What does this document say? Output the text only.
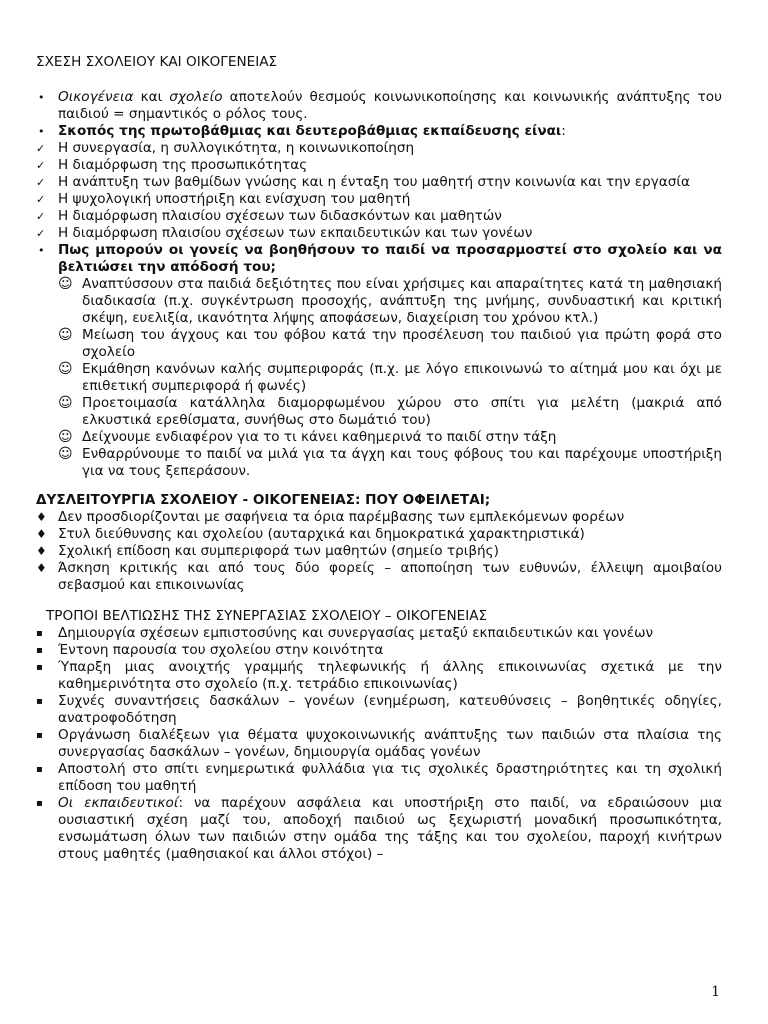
ΣΧΕΣΗ ΣΧΟΛΕΙΟΥ ΚΑΙ ΟΙΚΟΓΕΝΕΙΑΣ

• Οικογένεια και σχολείο αποτελούν θεσμούς κοινωνικοποίησης και κοινωνικής ανάπτυξης του παιδιού = σημαντικός ο ρόλος τους.
• Σκοπός της πρωτοβάθμιας και δευτεροβάθμιας εκπαίδευσης είναι:
✓ Η συνεργασία, η συλλογικότητα, η κοινωνικοποίηση
✓ Η διαμόρφωση της προσωπικότητας
✓ Η ανάπτυξη των βαθμίδων γνώσης και η ένταξη του μαθητή στην κοινωνία και την εργασία
✓ Η ψυχολογική υποστήριξη και ενίσχυση του μαθητή
✓ Η διαμόρφωση πλαισίου σχέσεων των διδασκόντων και μαθητών
✓ Η διαμόρφωση πλαισίου σχέσεων των εκπαιδευτικών και των γονέων
• Πως μπορούν οι γονείς να βοηθήσουν το παιδί να προσαρμοστεί στο σχολείο και να βελτιώσει την απόδοσή του;
☺ Αναπτύσσουν στα παιδιά δεξιότητες που είναι χρήσιμες και απαραίτητες κατά τη μαθησιακή διαδικασία (π.χ. συγκέντρωση προσοχής, ανάπτυξη της μνήμης, συνδυαστική και κριτική σκέψη, ευελιξία, ικανότητα λήψης αποφάσεων, διαχείριση του χρόνου κτλ.)
☺ Μείωση του άγχους και του φόβου κατά την προσέλευση του παιδιού για πρώτη φορά στο σχολείο
☺ Εκμάθηση κανόνων καλής συμπεριφοράς (π.χ. με λόγο επικοινωνώ το αίτημά μου και όχι με επιθετική συμπεριφορά ή φωνές)
☺ Προετοιμασία κατάλληλα διαμορφωμένου χώρου στο σπίτι για μελέτη (μακριά από ελκυστικά ερεθίσματα, συνήθως στο δωμάτιό του)
☺ Δείχνουμε ενδιαφέρον για το τι κάνει καθημερινά το παιδί στην τάξη
☺ Ενθαρρύνουμε το παιδί να μιλά για τα άγχη και τους φόβους του και παρέχουμε υποστήριξη για να τους ξεπεράσουν.

ΔΥΣΛΕΙΤΟΥΡΓΙΑ ΣΧΟΛΕΙΟΥ - ΟΙΚΟΓΕΝΕΙΑΣ: ΠΟΥ ΟΦΕΙΛΕΤΑΙ;

♦ Δεν προσδιορίζονται με σαφήνεια τα όρια παρέμβασης των εμπλεκόμενων φορέων
♦ Στυλ διεύθυνσης και σχολείου (αυταρχικά και δημοκρατικά χαρακτηριστικά)
♦ Σχολική επίδοση και συμπεριφορά των μαθητών (σημείο τριβής)
♦ Άσκηση κριτικής και από τους δύο φορείς – αποποίηση των ευθυνών, έλλειψη αμοιβαίου σεβασμού και επικοινωνίας

ΤΡΟΠΟΙ ΒΕΛΤΙΩΣΗΣ ΤΗΣ ΣΥΝΕΡΓΑΣΙΑΣ ΣΧΟΛΕΙΟΥ – ΟΙΚΟΓΕΝΕΙΑΣ

▪	Δημιουργία σχέσεων εμπιστοσύνης και συνεργασίας μεταξύ εκπαιδευτικών και γονέων
▪	Έντονη παρουσία του σχολείου στην κοινότητα
▪	Ύπαρξη μιας ανοιχτής γραμμής τηλεφωνικής ή άλλης επικοινωνίας σχετικά με την καθημερινότητα στο σχολείο (π.χ. τετράδιο επικοινωνίας)
▪	Συχνές συναντήσεις δασκάλων – γονέων (ενημέρωση, κατευθύνσεις – βοηθητικές οδηγίες, ανατροφοδότηση
▪	Οργάνωση διαλέξεων για θέματα ψυχοκοινωνικής ανάπτυξης των παιδιών στα πλαίσια της συνεργασίας δασκάλων – γονέων, δημιουργία ομάδας γονέων
▪	Αποστολή στο σπίτι ενημερωτικά φυλλάδια για τις σχολικές δραστηριότητες και τη σχολική επίδοση του μαθητή
▪	Οι εκπαιδευτικοί: να παρέχουν ασφάλεια και υποστήριξη στο παιδί, να εδραιώσουν μια ουσιαστική σχέση μαζί του, αποδοχή παιδιού ως ξεχωριστή μοναδική προσωπικότητα, ενσωμάτωση όλων των παιδιών στην ομάδα της τάξης και του σχολείου, παροχή κινήτρων στους μαθητές (μαθησιακοί και άλλοι στόχοι) –
1
